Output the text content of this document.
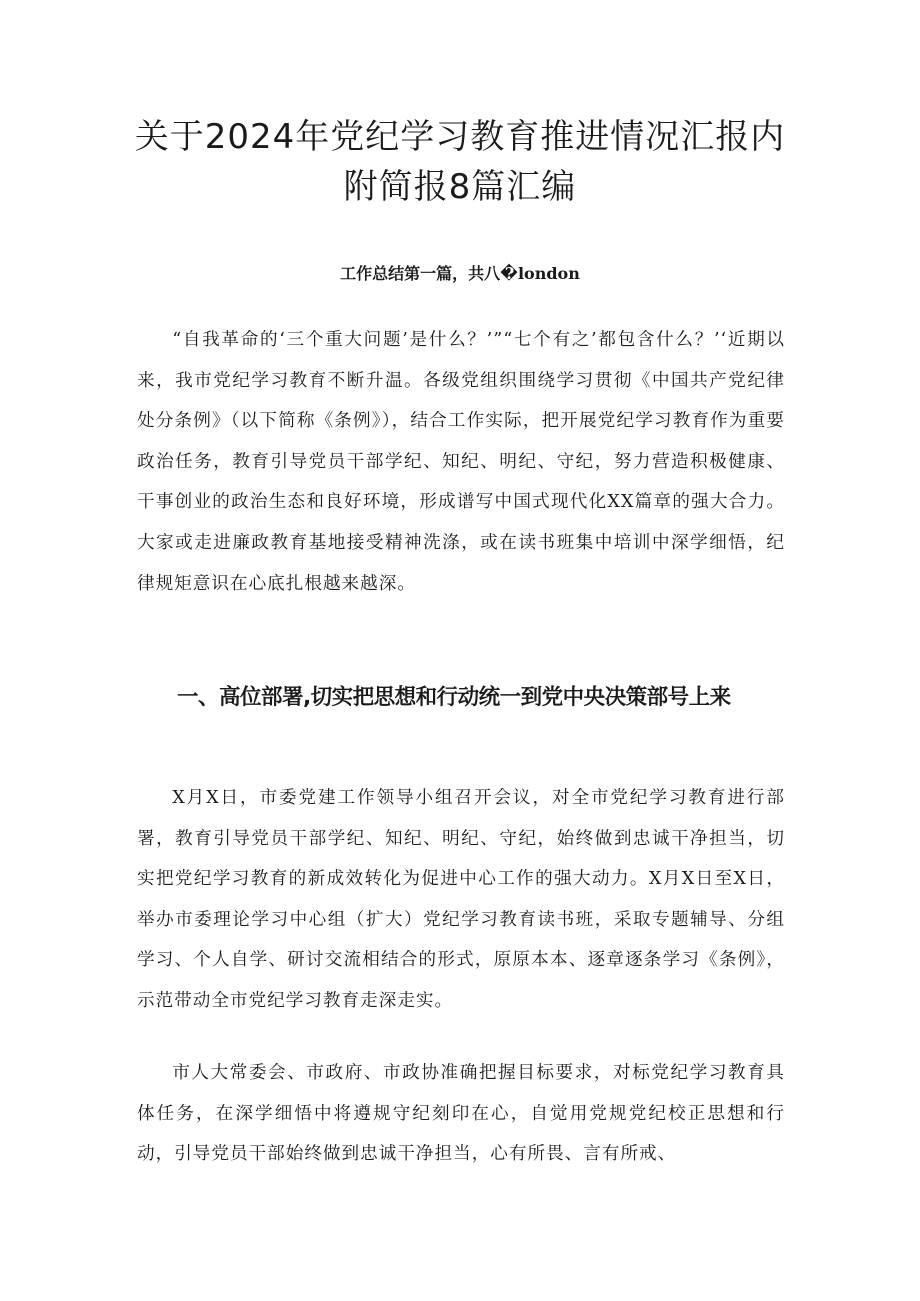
关于2024年党纪学习教育推进情况汇报内附简报8篇汇编
工作总结第一篇，共八�london

“自我革命的‘三个重大问题’是什么？’”“七个有之’都包含什么？’‘近期以来，我市党纪学习教育不断升温。各级党组织围绕学习贯彻《中国共产党纪律处分条例》（以下简称《条例》），结合工作实际，把开展党纪学习教育作为重要政治任务，教育引导党员干部学纪、知纪、明纪、守纪，努力营造积极健康、干事创业的政治生态和良好环境，形成谱写中国式现代化XX篇章的强大合力。大家或走进廉政教育基地接受精神洗涤，或在读书班集中培训中深学细悟，纪律规矩意识在心底扎根越来越深。

一、高位部署,切实把思想和行动统一到党中央决策部号上来

X月X日，市委党建工作领导小组召开会议，对全市党纪学习教育进行部署，教育引导党员干部学纪、知纪、明纪、守纪，始终做到忠诚干净担当，切实把党纪学习教育的新成效转化为促进中心工作的强大动力。X月X日至X日，举办市委理论学习中心组（扩大）党纪学习教育读书班，采取专题辅导、分组学习、个人自学、研讨交流相结合的形式，原原本本、逐章逐条学习《条例》，示范带动全市党纪学习教育走深走实。

市人大常委会、市政府、市政协准确把握目标要求，对标党纪学习教育具体任务，在深学细悟中将遵规守纪刻印在心，自觉用党规党纪校正思想和行动，引导党员干部始终做到忠诚干净担当，心有所畏、言有所戒、
